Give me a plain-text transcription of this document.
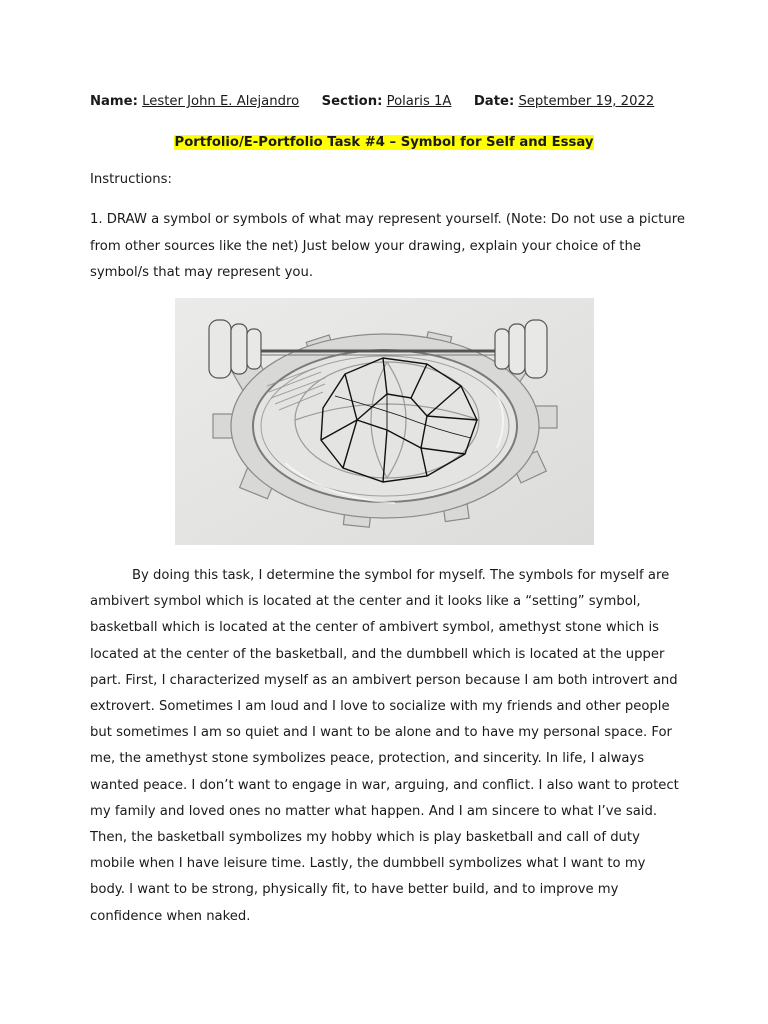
Name: Lester John E. Alejandro Section: Polaris 1A Date: September 19, 2022
Portfolio/E-Portfolio Task #4 – Symbol for Self and Essay
Instructions:
1. DRAW a symbol or symbols of what may represent yourself. (Note: Do not use a picture from other sources like the net) Just below your drawing, explain your choice of the symbol/s that may represent you.

By doing this task, I determine the symbol for myself. The symbols for myself are ambivert symbol which is located at the center and it looks like a “setting” symbol, basketball which is located at the center of ambivert symbol, amethyst stone which is located at the center of the basketball, and the dumbbell which is located at the upper part. First, I characterized myself as an ambivert person because I am both introvert and extrovert. Sometimes I am loud and I love to socialize with my friends and other people but sometimes I am so quiet and I want to be alone and to have my personal space. For me, the amethyst stone symbolizes peace, protection, and sincerity. In life, I always wanted peace. I don’t want to engage in war, arguing, and conflict. I also want to protect my family and loved ones no matter what happen. And I am sincere to what I’ve said. Then, the basketball symbolizes my hobby which is play basketball and call of duty mobile when I have leisure time. Lastly, the dumbbell symbolizes what I want to my body. I want to be strong, physically fit, to have better build, and to improve my confidence when naked.
